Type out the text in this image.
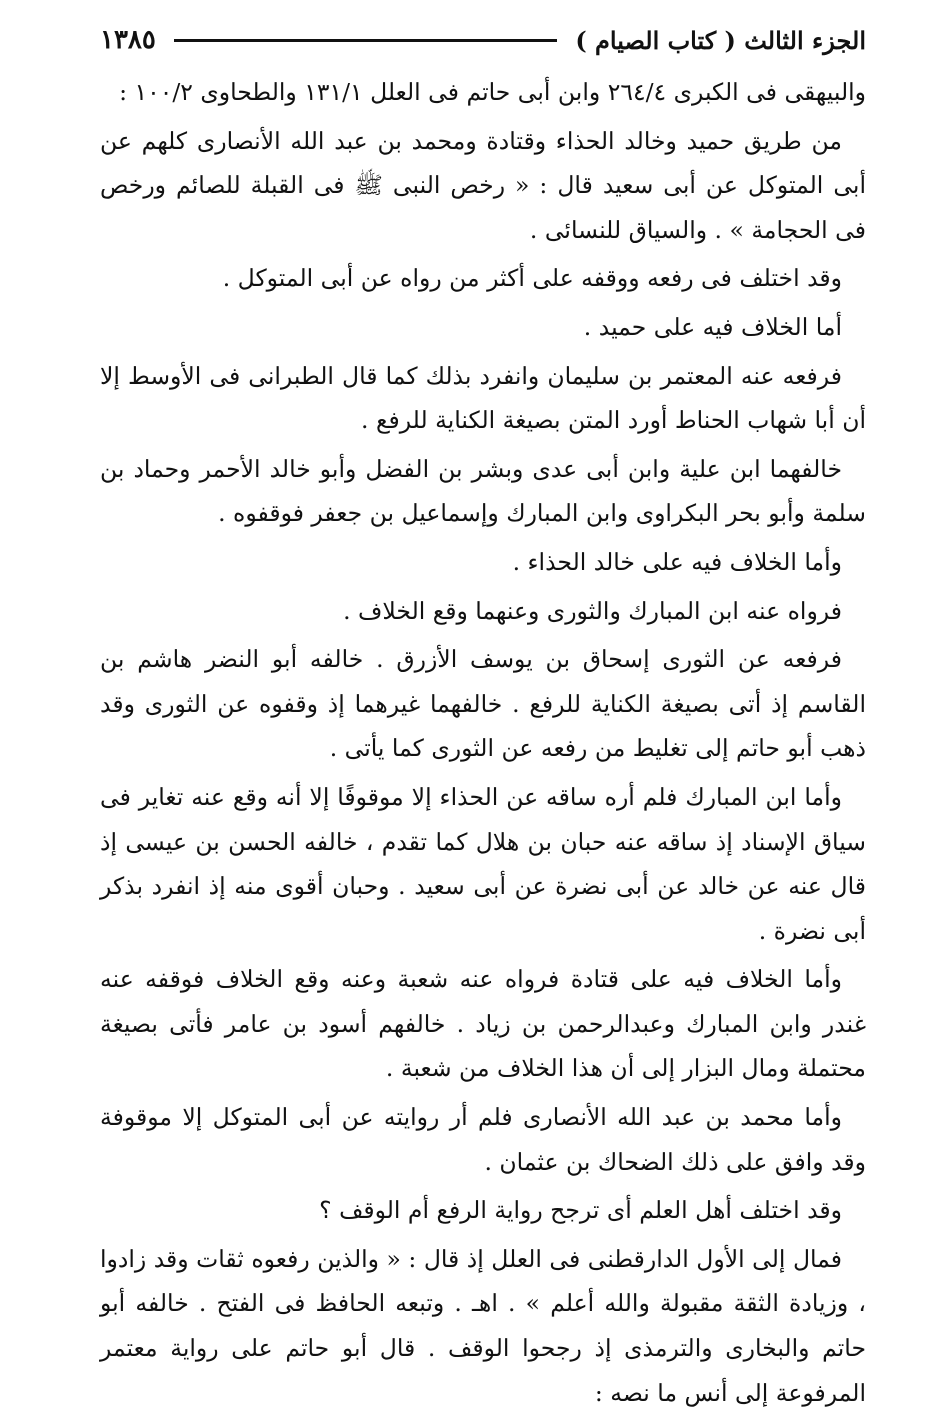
الجزء الثالث ( كتاب الصيام )
١٣٨٥

والبيهقى فى الكبرى ٢٦٤/٤ وابن أبى حاتم فى العلل ١٣١/١ والطحاوى ١٠٠/٢ :

من طريق حميد وخالد الحذاء وقتادة ومحمد بن عبد الله الأنصارى كلهم عن أبى المتوكل عن أبى سعيد قال : « رخص النبى ﷺ فى القبلة للصائم ورخص فى الحجامة » . والسياق للنسائى .

وقد اختلف فى رفعه ووقفه على أكثر من رواه عن أبى المتوكل .

أما الخلاف فيه على حميد .

فرفعه عنه المعتمر بن سليمان وانفرد بذلك كما قال الطبرانى فى الأوسط إلا أن أبا شهاب الحناط أورد المتن بصيغة الكناية للرفع .

خالفهما ابن علية وابن أبى عدى وبشر بن الفضل وأبو خالد الأحمر وحماد بن سلمة وأبو بحر البكراوى وابن المبارك وإسماعيل بن جعفر فوقفوه .

وأما الخلاف فيه على خالد الحذاء .

فرواه عنه ابن المبارك والثورى وعنهما وقع الخلاف .

فرفعه عن الثورى إسحاق بن يوسف الأزرق . خالفه أبو النضر هاشم بن القاسم إذ أتى بصيغة الكناية للرفع . خالفهما غيرهما إذ وقفوه عن الثورى وقد ذهب أبو حاتم إلى تغليط من رفعه عن الثورى كما يأتى .

وأما ابن المبارك فلم أره ساقه عن الحذاء إلا موقوفًا إلا أنه وقع عنه تغاير فى سياق الإسناد إذ ساقه عنه حبان بن هلال كما تقدم ، خالفه الحسن بن عيسى إذ قال عنه عن خالد عن أبى نضرة عن أبى سعيد . وحبان أقوى منه إذ انفرد بذكر أبى نضرة .

وأما الخلاف فيه على قتادة فرواه عنه شعبة وعنه وقع الخلاف فوقفه عنه غندر وابن المبارك وعبدالرحمن بن زياد . خالفهم أسود بن عامر فأتى بصيغة محتملة ومال البزار إلى أن هذا الخلاف من شعبة .

وأما محمد بن عبد الله الأنصارى فلم أر روايته عن أبى المتوكل إلا موقوفة وقد وافق على ذلك الضحاك بن عثمان .

وقد اختلف أهل العلم أى ترجح رواية الرفع أم الوقف ؟

فمال إلى الأول الدارقطنى فى العلل إذ قال : « والذين رفعوه ثقات وقد زادوا ، وزيادة الثقة مقبولة والله أعلم » . اهـ . وتبعه الحافظ فى الفتح . خالفه أبو حاتم والبخارى والترمذى إذ رجحوا الوقف . قال أبو حاتم على رواية معتمر المرفوعة إلى أنس ما نصه :
